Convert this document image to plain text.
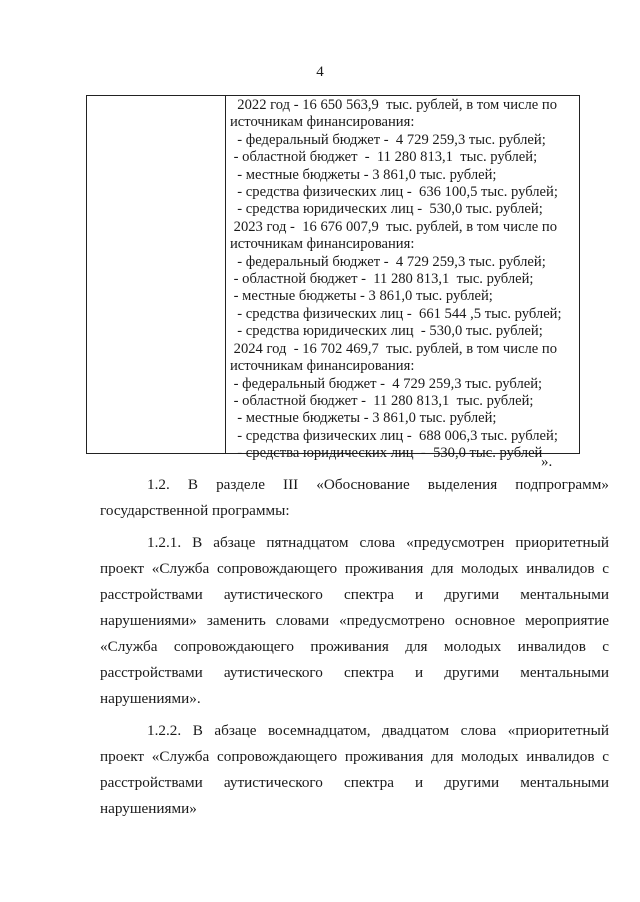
4
2022 год - 16 650 563,9  тыс. рублей, в том числе по
источникам финансирования:
- федеральный бюджет -  4 729 259,3 тыс. рублей;
- областной бюджет  -  11 280 813,1  тыс. рублей;
- местные бюджеты - 3 861,0 тыс. рублей;
- средства физических лиц -  636 100,5 тыс. рублей;
- средства юридических лиц -  530,0 тыс. рублей;
2023 год -  16 676 007,9  тыс. рублей, в том числе по
источникам финансирования:
- федеральный бюджет -  4 729 259,3 тыс. рублей;
- областной бюджет -  11 280 813,1  тыс. рублей;
- местные бюджеты - 3 861,0 тыс. рублей;
- средства физических лиц -  661 544 ,5 тыс. рублей;
- средства юридических лиц  - 530,0 тыс. рублей;
2024 год  - 16 702 469,7  тыс. рублей, в том числе по
источникам финансирования:
- федеральный бюджет -  4 729 259,3 тыс. рублей;
- областной бюджет -  11 280 813,1  тыс. рублей;
- местные бюджеты - 3 861,0 тыс. рублей;
- средства физических лиц -  688 006,3 тыс. рублей;
- средства юридических лиц  -  530,0 тыс. рублей
».

1.2. В разделе III «Обоснование выделения подпрограмм» государственной программы:

1.2.1. В абзаце пятнадцатом слова «предусмотрен приоритетный проект «Служба сопровождающего проживания для молодых инвалидов с расстройствами аутистического спектра и другими ментальными нарушениями» заменить словами «предусмотрено основное мероприятие «Служба сопровождающего проживания для молодых инвалидов с расстройствами аутистического спектра и другими ментальными нарушениями».

1.2.2. В абзаце восемнадцатом, двадцатом слова «приоритетный проект «Служба сопровождающего проживания для молодых инвалидов с расстройствами аутистического спектра и другими ментальными нарушениями»
